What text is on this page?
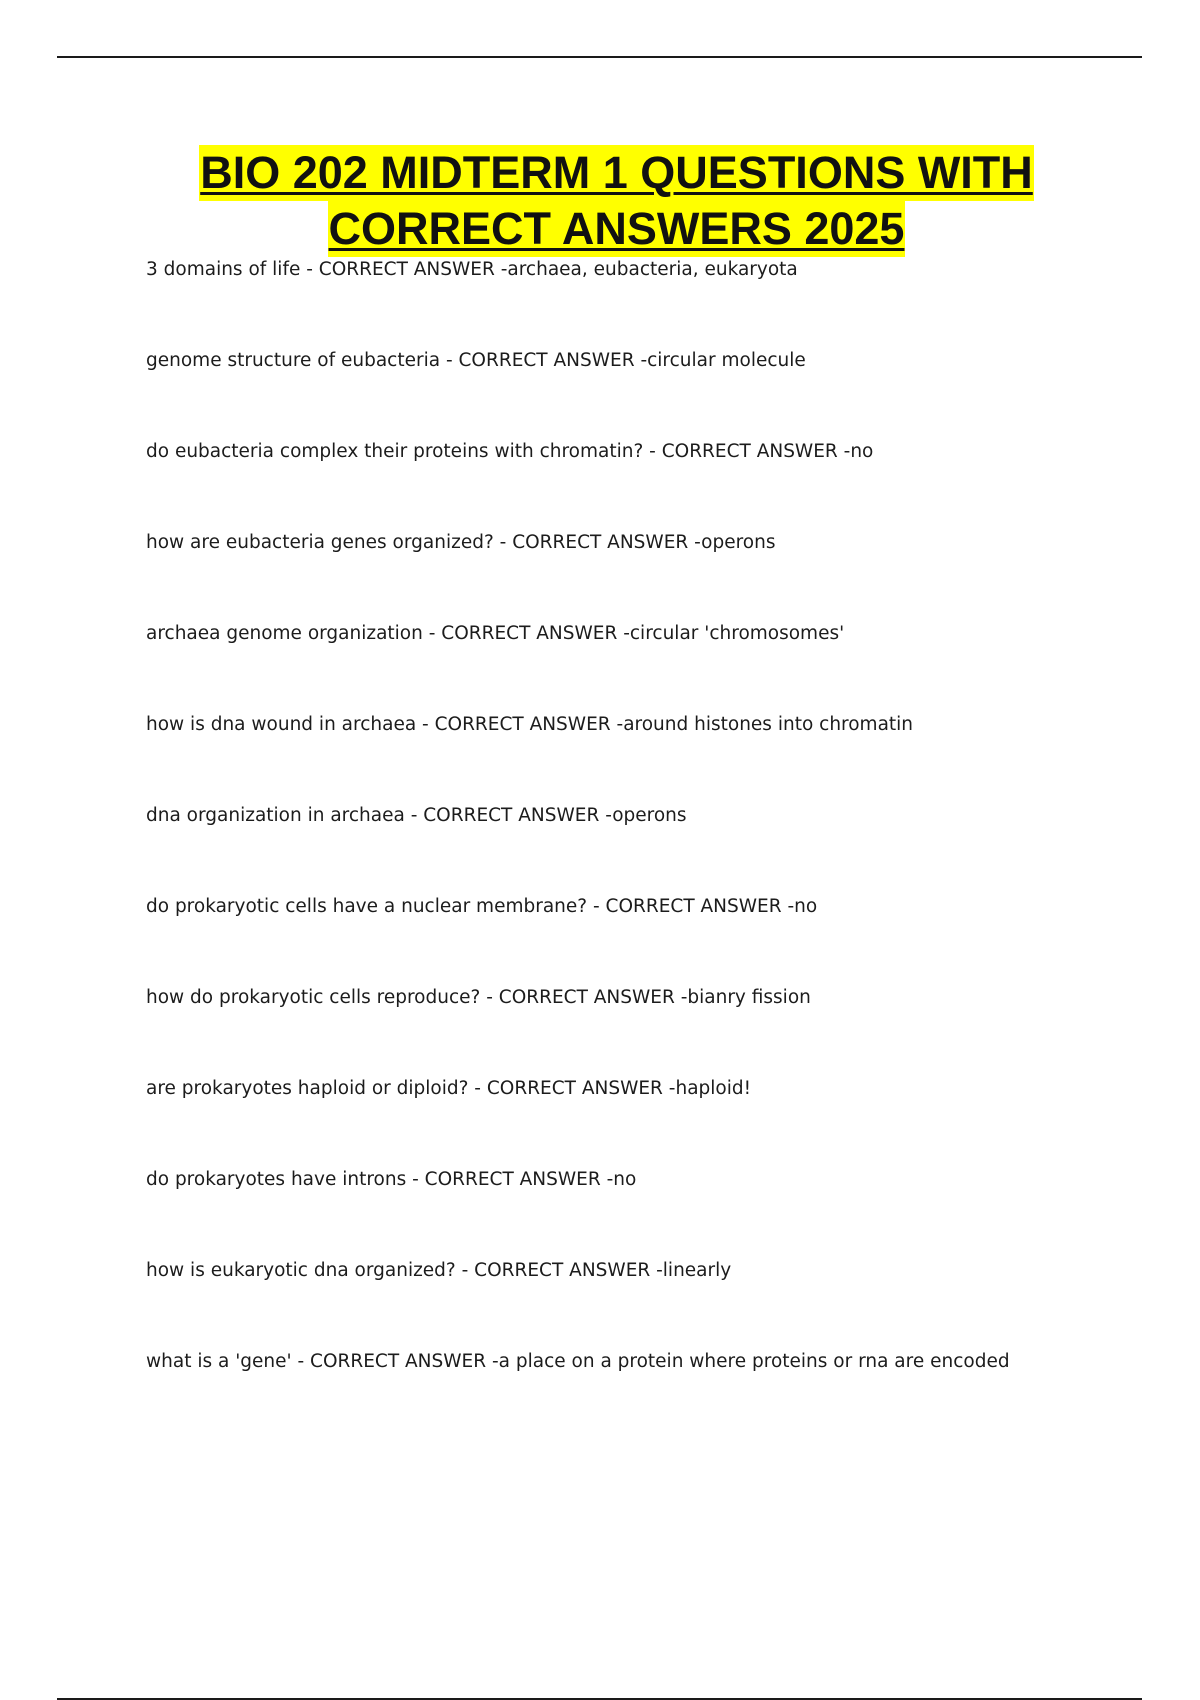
BIO 202 MIDTERM 1 QUESTIONS WITH
CORRECT ANSWERS 2025
3 domains of life - CORRECT ANSWER -archaea, eubacteria, eukaryota
genome structure of eubacteria - CORRECT ANSWER -circular molecule
do eubacteria complex their proteins with chromatin? - CORRECT ANSWER -no
how are eubacteria genes organized? - CORRECT ANSWER -operons
archaea genome organization - CORRECT ANSWER -circular 'chromosomes'
how is dna wound in archaea - CORRECT ANSWER -around histones into chromatin
dna organization in archaea - CORRECT ANSWER -operons
do prokaryotic cells have a nuclear membrane? - CORRECT ANSWER -no
how do prokaryotic cells reproduce? - CORRECT ANSWER -bianry fission
are prokaryotes haploid or diploid? - CORRECT ANSWER -haploid!
do prokaryotes have introns - CORRECT ANSWER -no
how is eukaryotic dna organized? - CORRECT ANSWER -linearly
what is a 'gene' - CORRECT ANSWER -a place on a protein where proteins or rna are encoded
